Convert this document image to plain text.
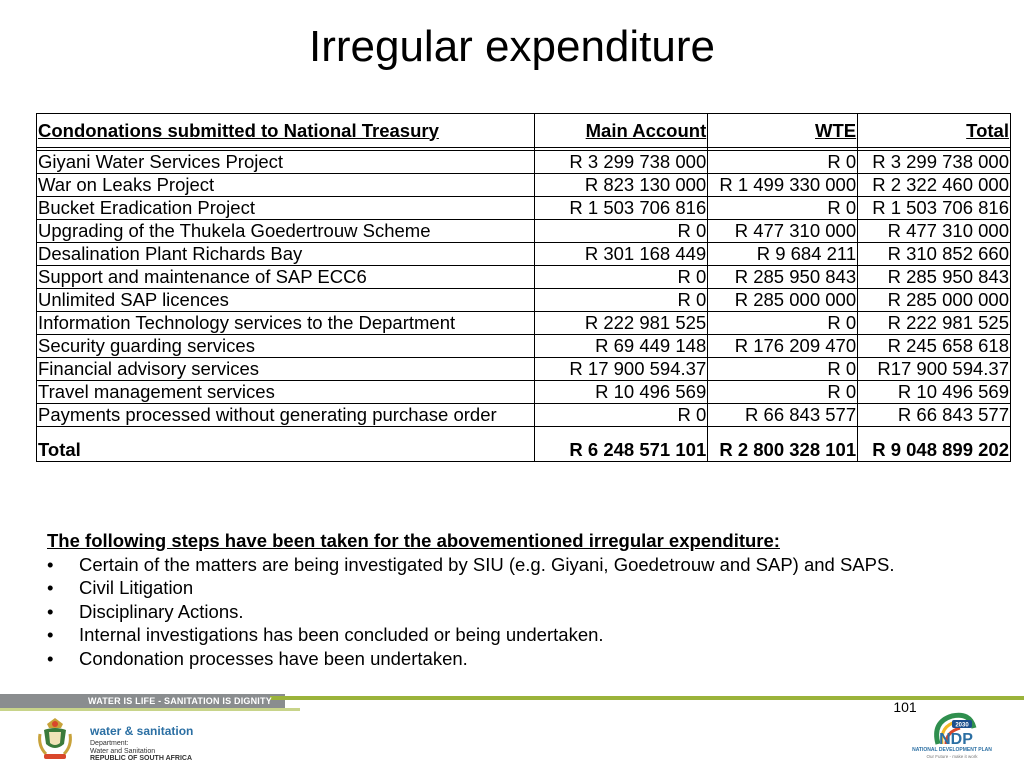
Irregular expenditure
Condonations submitted to National Treasury	Main Account	WTE	Total

Giyani Water Services Project	R 3 299 738 000	R 0	R 3 299 738 000
War on Leaks Project	R 823 130 000	R 1 499 330 000	R 2 322 460 000
Bucket Eradication Project	R 1 503 706 816	R 0	R 1 503 706 816
Upgrading of the Thukela Goedertrouw Scheme	R 0	R 477 310 000	R 477 310 000
Desalination Plant Richards Bay	R 301 168 449	R 9 684 211	R 310 852 660
Support and maintenance of SAP ECC6	R 0	R 285 950 843	R 285 950 843
Unlimited SAP licences	R 0	R 285 000 000	R 285 000 000
Information Technology services to the Department	R 222 981 525	R 0	R 222 981 525
Security guarding services	R 69 449 148	R 176 209 470	R 245 658 618
Financial advisory services	R 17 900 594.37	R 0	R17 900 594.37
Travel management services	R 10 496 569	R 0	R 10 496 569
Payments processed without generating purchase order	R 0	R 66 843 577	R 66 843 577
Total	R 6 248 571 101	R 2 800 328 101	R 9 048 899 202
The following steps have been taken for the abovementioned irregular expenditure:
• Certain of the matters are being investigated by SIU (e.g. Giyani, Goedetrouw and SAP) and SAPS.
• Civil Litigation
• Disciplinary Actions.
• Internal investigations has been concluded or being undertaken.
• Condonation processes have been undertaken.
WATER IS LIFE - SANITATION IS DIGNITY	101
water & sanitation
Department:
Water and Sanitation
REPUBLIC OF SOUTH AFRICA
2030
NDP
NATIONAL DEVELOPMENT PLAN
Our Future - make it work
